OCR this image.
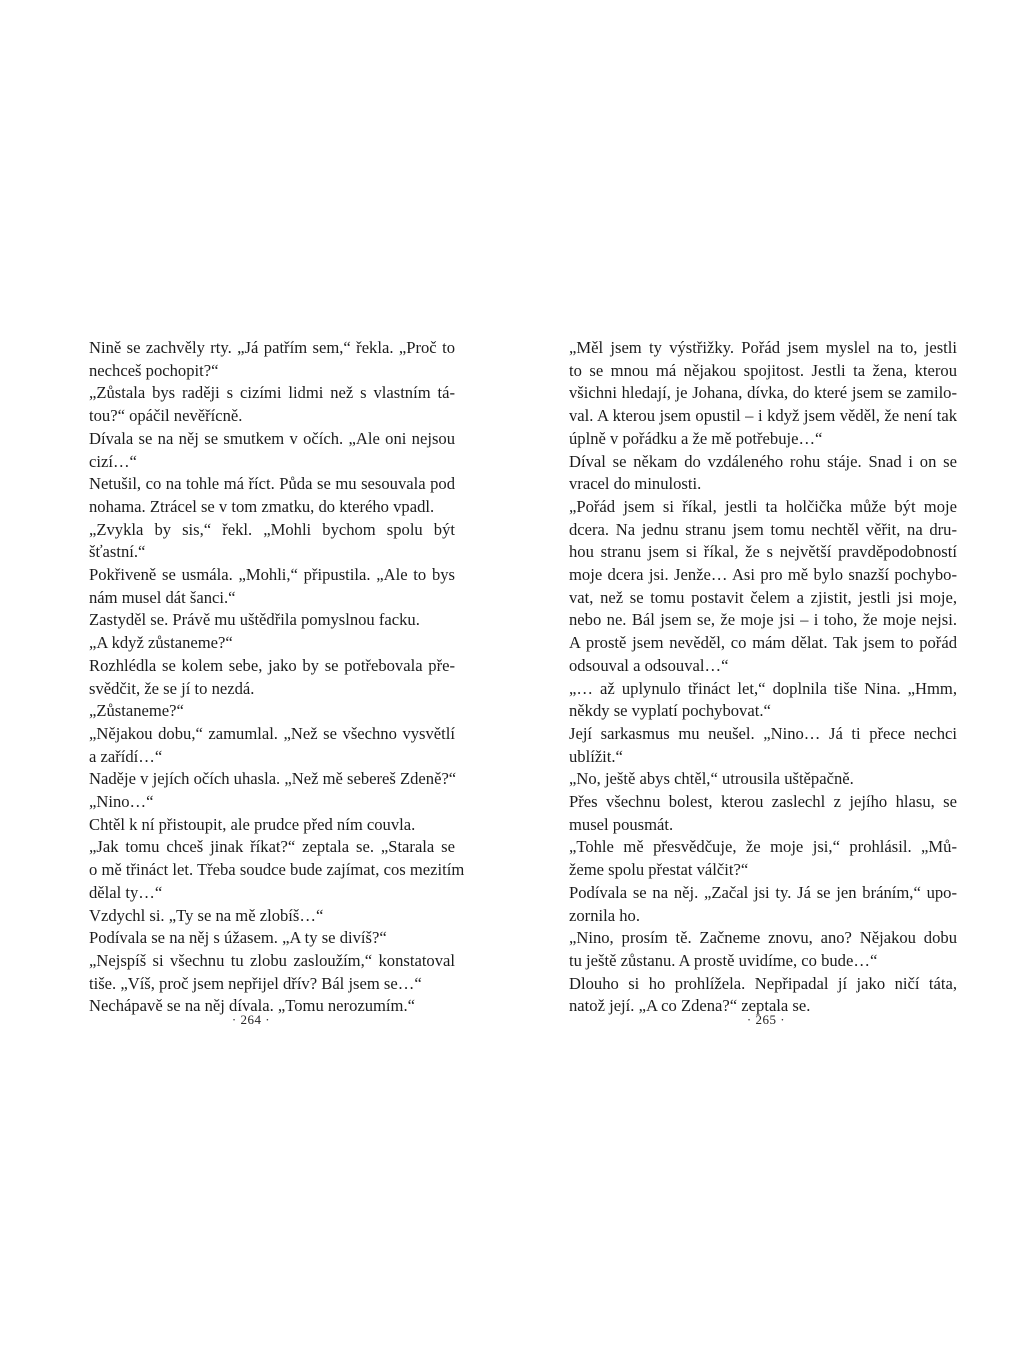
Nině se zachvěly rty. „Já patřím sem,“ řekla. „Proč to
nechceš pochopit?“
„Zůstala bys raději s cizími lidmi než s vlastním tá-
tou?“ opáčil nevěřícně.
Dívala se na něj se smutkem v očích. „Ale oni nejsou
cizí…“
Netušil, co na tohle má říct. Půda se mu sesouvala pod
nohama. Ztrácel se v tom zmatku, do kterého vpadl.
„Zvykla by sis,“ řekl. „Mohli bychom spolu být
šťastní.“
Pokřiveně se usmála. „Mohli,“ připustila. „Ale to bys
nám musel dát šanci.“
Zastyděl se. Právě mu uštědřila pomyslnou facku.
„A když zůstaneme?“
Rozhlédla se kolem sebe, jako by se potřebovala pře-
svědčit, že se jí to nezdá.
„Zůstaneme?“
„Nějakou dobu,“ zamumlal. „Než se všechno vysvětlí
a zařídí…“
Naděje v jejích očích uhasla. „Než mě sebereš Zdeně?“
„Nino…“
Chtěl k ní přistoupit, ale prudce před ním couvla.
„Jak tomu chceš jinak říkat?“ zeptala se. „Starala se
o mě třináct let. Třeba soudce bude zajímat, cos mezitím
dělal ty…“
Vzdychl si. „Ty se na mě zlobíš…“
Podívala se na něj s úžasem. „A ty se divíš?“
„Nejspíš si všechnu tu zlobu zasloužím,“ konstatoval
tiše. „Víš, proč jsem nepřijel dřív? Bál jsem se…“
Nechápavě se na něj dívala. „Tomu nerozumím.“
„Měl jsem ty výstřižky. Pořád jsem myslel na to, jestli
to se mnou má nějakou spojitost. Jestli ta žena, kterou
všichni hledají, je Johana, dívka, do které jsem se zamilo-
val. A kterou jsem opustil – i když jsem věděl, že není tak
úplně v pořádku a že mě potřebuje…“
Díval se někam do vzdáleného rohu stáje. Snad i on se
vracel do minulosti.
„Pořád jsem si říkal, jestli ta holčička může být moje
dcera. Na jednu stranu jsem tomu nechtěl věřit, na dru-
hou stranu jsem si říkal, že s největší pravděpodobností
moje dcera jsi. Jenže… Asi pro mě bylo snazší pochybo-
vat, než se tomu postavit čelem a zjistit, jestli jsi moje,
nebo ne. Bál jsem se, že moje jsi – i toho, že moje nejsi.
A prostě jsem nevěděl, co mám dělat. Tak jsem to pořád
odsouval a odsouval…“
„… až uplynulo třináct let,“ doplnila tiše Nina. „Hmm,
někdy se vyplatí pochybovat.“
Její sarkasmus mu neušel. „Nino… Já ti přece nechci
ublížit.“
„No, ještě abys chtěl,“ utrousila uštěpačně.
Přes všechnu bolest, kterou zaslechl z jejího hlasu, se
musel pousmát.
„Tohle mě přesvědčuje, že moje jsi,“ prohlásil. „Mů-
žeme spolu přestat válčit?“
Podívala se na něj. „Začal jsi ty. Já se jen bráním,“ upo-
zornila ho.
„Nino, prosím tě. Začneme znovu, ano? Nějakou dobu
tu ještě zůstanu. A prostě uvidíme, co bude…“
Dlouho si ho prohlížela. Nepřipadal jí jako ničí táta,
natož její. „A co Zdena?“ zeptala se.
· 264 ·	· 265 ·
